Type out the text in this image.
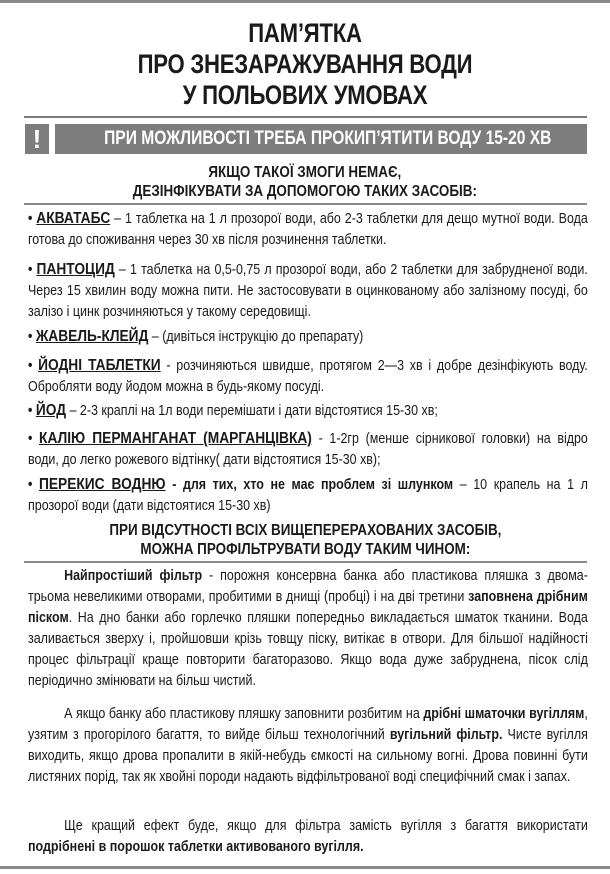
ПАМ’ЯТКА
ПРО ЗНЕЗАРАЖУВАННЯ ВОДИ
У ПОЛЬОВИХ УМОВАХ
!	ПРИ МОЖЛИВОСТІ ТРЕБА ПРОКИП’ЯТИТИ ВОДУ 15-20 ХВ
ЯКЩО ТАКОЇ ЗМОГИ НЕМАЄ,
ДЕЗІНФІКУВАТИ ЗА ДОПОМОГОЮ ТАКИХ ЗАСОБІВ:
• АКВАТАБС – 1 таблетка на 1 л прозорої води, або 2-3 таблетки для дещо мутної води. Вода готова до споживання через 30 хв після розчинення таблетки.
• ПАНТОЦИД – 1 таблетка на 0,5-0,75 л прозорої води, або 2 таблетки для забрудненої води. Через 15 хвилин воду можна пити. Не застосовувати в оцинкованому або залізному посуді, бо залізо і цинк розчиняються у такому середовищі.
• ЖАВЕЛЬ-КЛЕЙД – (дивіться інструкцію до препарату)
• ЙОДНІ ТАБЛЕТКИ - розчиняються швидше, протягом 2—3 хв і добре дезінфікують воду. Обробляти воду йодом можна в будь-якому посуді.
• ЙОД – 2-3 краплі на 1л води перемішати і дати відстоятися 15-30 хв;
• КАЛІЮ ПЕРМАНГАНАТ (МАРГАНЦІВКА) - 1-2гр (менше сірникової головки) на відро води, до легко рожевого відтінку( дати відстоятися 15-30 хв);
• ПЕРЕКИС ВОДНЮ - для тих, хто не має проблем зі шлунком – 10 крапель на 1 л прозорої води (дати відстоятися 15-30 хв)
ПРИ ВІДСУТНОСТІ ВСІХ ВИЩЕПЕРЕРАХОВАНИХ ЗАСОБІВ,
МОЖНА ПРОФІЛЬТРУВАТИ ВОДУ ТАКИМ ЧИНОМ:
Найпростіший фільтр - порожня консервна банка або пластикова пляшка з двома-трьома невеликими отворами, пробитими в днищі (пробці) і на дві третини заповнена дрібним піском. На дно банки або горлечко пляшки попередньо викладається шматок тканини. Вода заливається зверху і, пройшовши крізь товщу піску, витікає в отвори. Для більшої надійності процес фільтрації краще повторити багаторазово. Якщо вода дуже забруднена, пісок слід періодично змінювати на більш чистий.
А якщо банку або пластикову пляшку заповнити розбитим на дрібні шматочки вугіллям, узятим з прогорілого багаття, то вийде більш технологічний вугільний фільтр. Чисте вугілля виходить, якщо дрова пропалити в якій-небудь ємкості на сильному вогні. Дрова повинні бути листяних порід, так як хвойні породи надають відфільтрованої воді специфічний смак і запах.
Ще кращий ефект буде, якщо для фільтра замість вугілля з багаття використати подрібнені в порошок таблетки активованого вугілля.
